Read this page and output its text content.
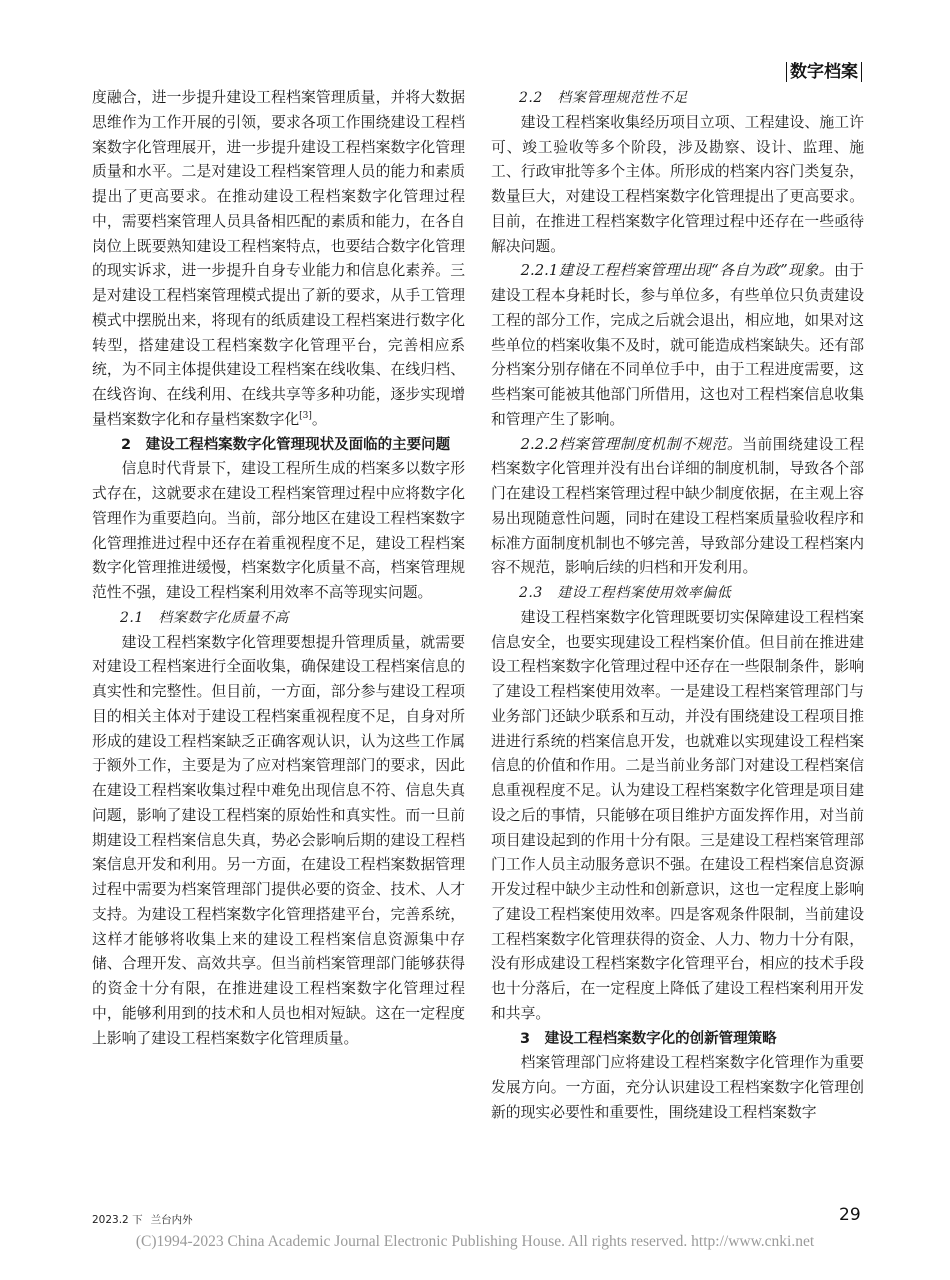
数字档案

度融合，进一步提升建设工程档案管理质量，并将大数据思维作为工作开展的引领，要求各项工作围绕建设工程档案数字化管理展开，进一步提升建设工程档案数字化管理质量和水平。二是对建设工程档案管理人员的能力和素质提出了更高要求。在推动建设工程档案数字化管理过程中，需要档案管理人员具备相匹配的素质和能力，在各自岗位上既要熟知建设工程档案特点，也要结合数字化管理的现实诉求，进一步提升自身专业能力和信息化素养。三是对建设工程档案管理模式提出了新的要求，从手工管理模式中摆脱出来，将现有的纸质建设工程档案进行数字化转型，搭建建设工程档案数字化管理平台，完善相应系统，为不同主体提供建设工程档案在线收集、在线归档、在线咨询、在线利用、在线共享等多种功能，逐步实现增量档案数字化和存量档案数字化[3]。

2　建设工程档案数字化管理现状及面临的主要问题

信息时代背景下，建设工程所生成的档案多以数字形式存在，这就要求在建设工程档案管理过程中应将数字化管理作为重要趋向。当前，部分地区在建设工程档案数字化管理推进过程中还存在着重视程度不足，建设工程档案数字化管理推进缓慢，档案数字化质量不高，档案管理规范性不强，建设工程档案利用效率不高等现实问题。

2.1　档案数字化质量不高

建设工程档案数字化管理要想提升管理质量，就需要对建设工程档案进行全面收集，确保建设工程档案信息的真实性和完整性。但目前，一方面，部分参与建设工程项目的相关主体对于建设工程档案重视程度不足，自身对所形成的建设工程档案缺乏正确客观认识，认为这些工作属于额外工作，主要是为了应对档案管理部门的要求，因此在建设工程档案收集过程中难免出现信息不符、信息失真问题，影响了建设工程档案的原始性和真实性。而一旦前期建设工程档案信息失真，势必会影响后期的建设工程档案信息开发和利用。另一方面，在建设工程档案数据管理过程中需要为档案管理部门提供必要的资金、技术、人才支持。为建设工程档案数字化管理搭建平台，完善系统，这样才能够将收集上来的建设工程档案信息资源集中存储、合理开发、高效共享。但当前档案管理部门能够获得的资金十分有限，在推进建设工程档案数字化管理过程中，能够利用到的技术和人员也相对短缺。这在一定程度上影响了建设工程档案数字化管理质量。

2.2　档案管理规范性不足

建设工程档案收集经历项目立项、工程建设、施工许可、竣工验收等多个阶段，涉及勘察、设计、监理、施工、行政审批等多个主体。所形成的档案内容门类复杂，数量巨大，对建设工程档案数字化管理提出了更高要求。目前，在推进工程档案数字化管理过程中还存在一些亟待解决问题。

2.2.1建设工程档案管理出现“各自为政”现象。由于建设工程本身耗时长，参与单位多，有些单位只负责建设工程的部分工作，完成之后就会退出，相应地，如果对这些单位的档案收集不及时，就可能造成档案缺失。还有部分档案分别存储在不同单位手中，由于工程进度需要，这些档案可能被其他部门所借用，这也对工程档案信息收集和管理产生了影响。

2.2.2档案管理制度机制不规范。当前围绕建设工程档案数字化管理并没有出台详细的制度机制，导致各个部门在建设工程档案管理过程中缺少制度依据，在主观上容易出现随意性问题，同时在建设工程档案质量验收程序和标准方面制度机制也不够完善，导致部分建设工程档案内容不规范，影响后续的归档和开发利用。

2.3　建设工程档案使用效率偏低

建设工程档案数字化管理既要切实保障建设工程档案信息安全，也要实现建设工程档案价值。但目前在推进建设工程档案数字化管理过程中还存在一些限制条件，影响了建设工程档案使用效率。一是建设工程档案管理部门与业务部门还缺少联系和互动，并没有围绕建设工程项目推进进行系统的档案信息开发，也就难以实现建设工程档案信息的价值和作用。二是当前业务部门对建设工程档案信息重视程度不足。认为建设工程档案数字化管理是项目建设之后的事情，只能够在项目维护方面发挥作用，对当前项目建设起到的作用十分有限。三是建设工程档案管理部门工作人员主动服务意识不强。在建设工程档案信息资源开发过程中缺少主动性和创新意识，这也一定程度上影响了建设工程档案使用效率。四是客观条件限制，当前建设工程档案数字化管理获得的资金、人力、物力十分有限，没有形成建设工程档案数字化管理平台，相应的技术手段也十分落后，在一定程度上降低了建设工程档案利用开发和共享。

3　建设工程档案数字化的创新管理策略

档案管理部门应将建设工程档案数字化管理作为重要发展方向。一方面，充分认识建设工程档案数字化管理创新的现实必要性和重要性，围绕建设工程档案数字

2023.2 下 兰台内外	29
(C)1994-2023 China Academic Journal Electronic Publishing House. All rights reserved. http://www.cnki.net
